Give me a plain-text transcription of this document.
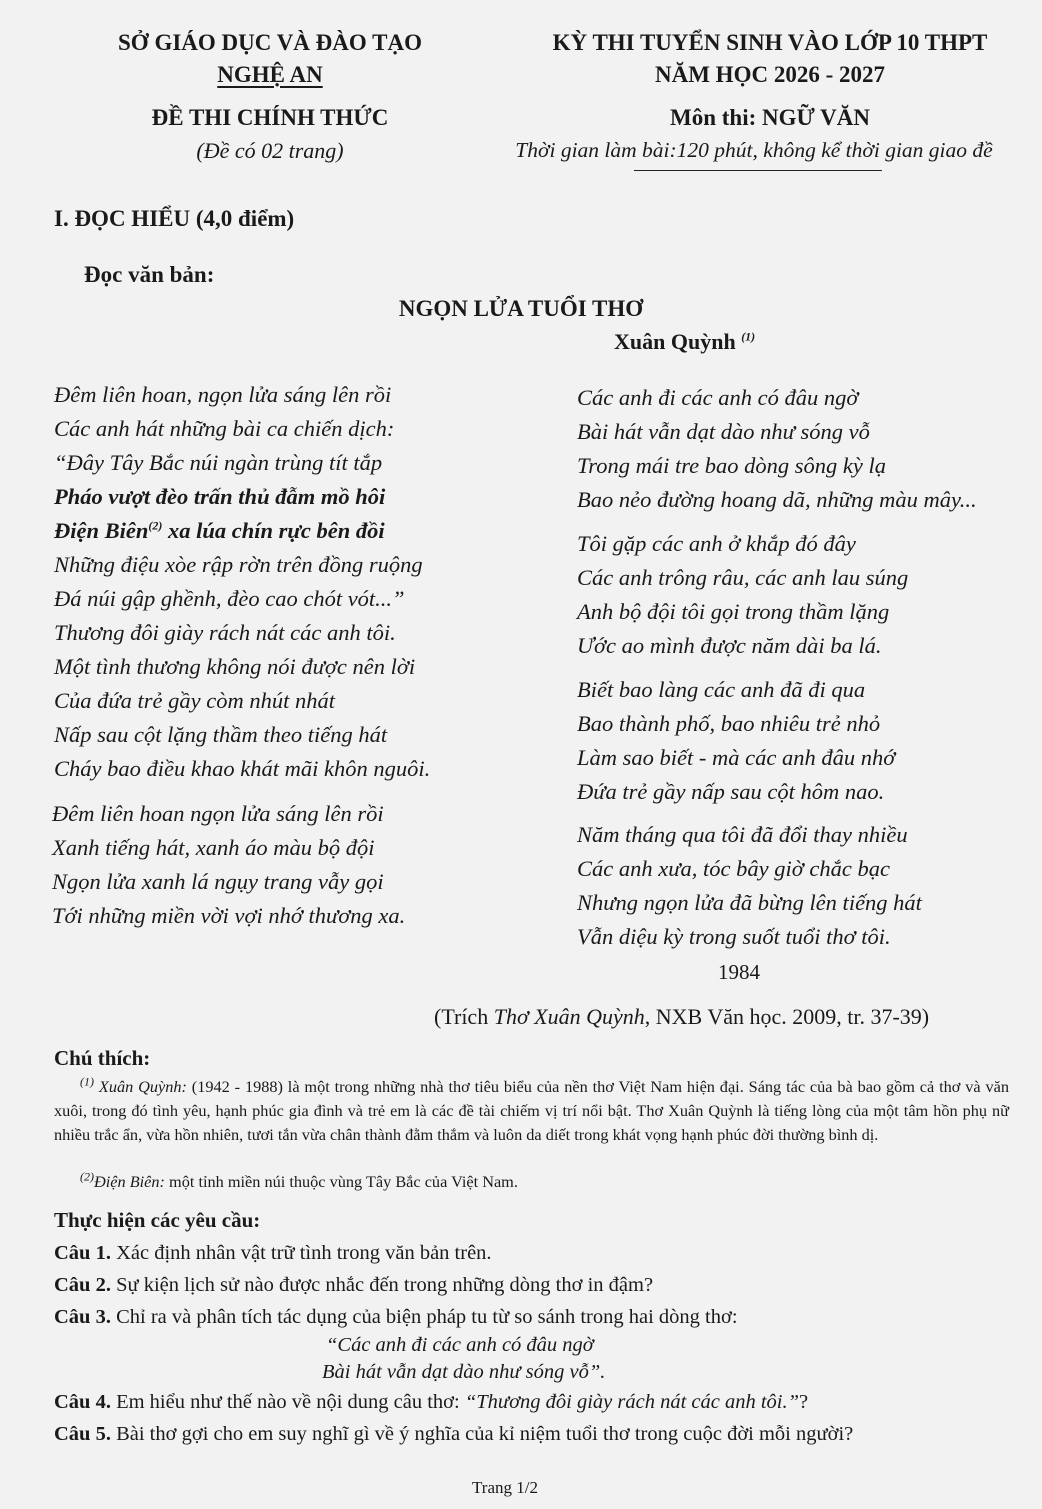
SỞ GIÁO DỤC VÀ ĐÀO TẠO
NGHỆ AN
ĐỀ THI CHÍNH THỨC
(Đề có 02 trang)
KỲ THI TUYỂN SINH VÀO LỚP 10 THPT
NĂM HỌC 2026 - 2027
Môn thi: NGỮ VĂN
Thời gian làm bài:120 phút, không kể thời gian giao đề
I. ĐỌC HIỂU (4,0 điểm)
Đọc văn bản:
NGỌN LỬA TUỔI THƠ
Xuân Quỳnh $^{(1)}$
Đêm liên hoan, ngọn lửa sáng lên rồi
Các anh hát những bài ca chiến dịch:
“Đây Tây Bắc núi ngàn trùng tít tắp
Pháo vượt đèo trấn thủ đẫm mồ hôi
Điện Biên$^{(2)}$ xa lúa chín rực bên đồi
Những điệu xòe rập rờn trên đồng ruộng
Đá núi gập ghềnh, đèo cao chót vót...”
Thương đôi giày rách nát các anh tôi.
Một tình thương không nói được nên lời
Của đứa trẻ gầy còm nhút nhát
Nấp sau cột lặng thầm theo tiếng hát
Cháy bao điều khao khát mãi khôn nguôi.
Đêm liên hoan ngọn lửa sáng lên rồi
Xanh tiếng hát, xanh áo màu bộ đội
Ngọn lửa xanh lá ngụy trang vẫy gọi
Tới những miền vời vợi nhớ thương xa.
Các anh đi các anh có đâu ngờ
Bài hát vẫn dạt dào như sóng vỗ
Trong mái tre bao dòng sông kỳ lạ
Bao nẻo đường hoang dã, những màu mây...
Tôi gặp các anh ở khắp đó đây
Các anh trông râu, các anh lau súng
Anh bộ đội tôi gọi trong thầm lặng
Ước ao mình được năm dài ba lá.
Biết bao làng các anh đã đi qua
Bao thành phố, bao nhiêu trẻ nhỏ
Làm sao biết - mà các anh đâu nhớ
Đứa trẻ gầy nấp sau cột hôm nao.
Năm tháng qua tôi đã đổi thay nhiều
Các anh xưa, tóc bây giờ chắc bạc
Nhưng ngọn lửa đã bừng lên tiếng hát
Vẫn diệu kỳ trong suốt tuổi thơ tôi.
1984
(Trích Thơ Xuân Quỳnh, NXB Văn học. 2009, tr. 37-39)
Chú thích:
$^{(1)}$ Xuân Quỳnh: (1942 - 1988) là một trong những nhà thơ tiêu biểu của nền thơ Việt Nam hiện đại. Sáng tác của bà bao gồm cả thơ và văn xuôi, trong đó tình yêu, hạnh phúc gia đình và trẻ em là các đề tài chiếm vị trí nổi bật. Thơ Xuân Quỳnh là tiếng lòng của một tâm hồn phụ nữ nhiều trắc ẩn, vừa hồn nhiên, tươi tắn vừa chân thành đằm thắm và luôn da diết trong khát vọng hạnh phúc đời thường bình dị.
$^{(2)}$Điện Biên: một tỉnh miền núi thuộc vùng Tây Bắc của Việt Nam.
Thực hiện các yêu cầu:
Câu 1. Xác định nhân vật trữ tình trong văn bản trên.
Câu 2. Sự kiện lịch sử nào được nhắc đến trong những dòng thơ in đậm?
Câu 3. Chỉ ra và phân tích tác dụng của biện pháp tu từ so sánh trong hai dòng thơ:
“Các anh đi các anh có đâu ngờ
Bài hát vẫn dạt dào như sóng vỗ”.
Câu 4. Em hiểu như thế nào về nội dung câu thơ: “Thương đôi giày rách nát các anh tôi.”?
Câu 5. Bài thơ gợi cho em suy nghĩ gì về ý nghĩa của kỉ niệm tuổi thơ trong cuộc đời mỗi người?
Trang 1/2
